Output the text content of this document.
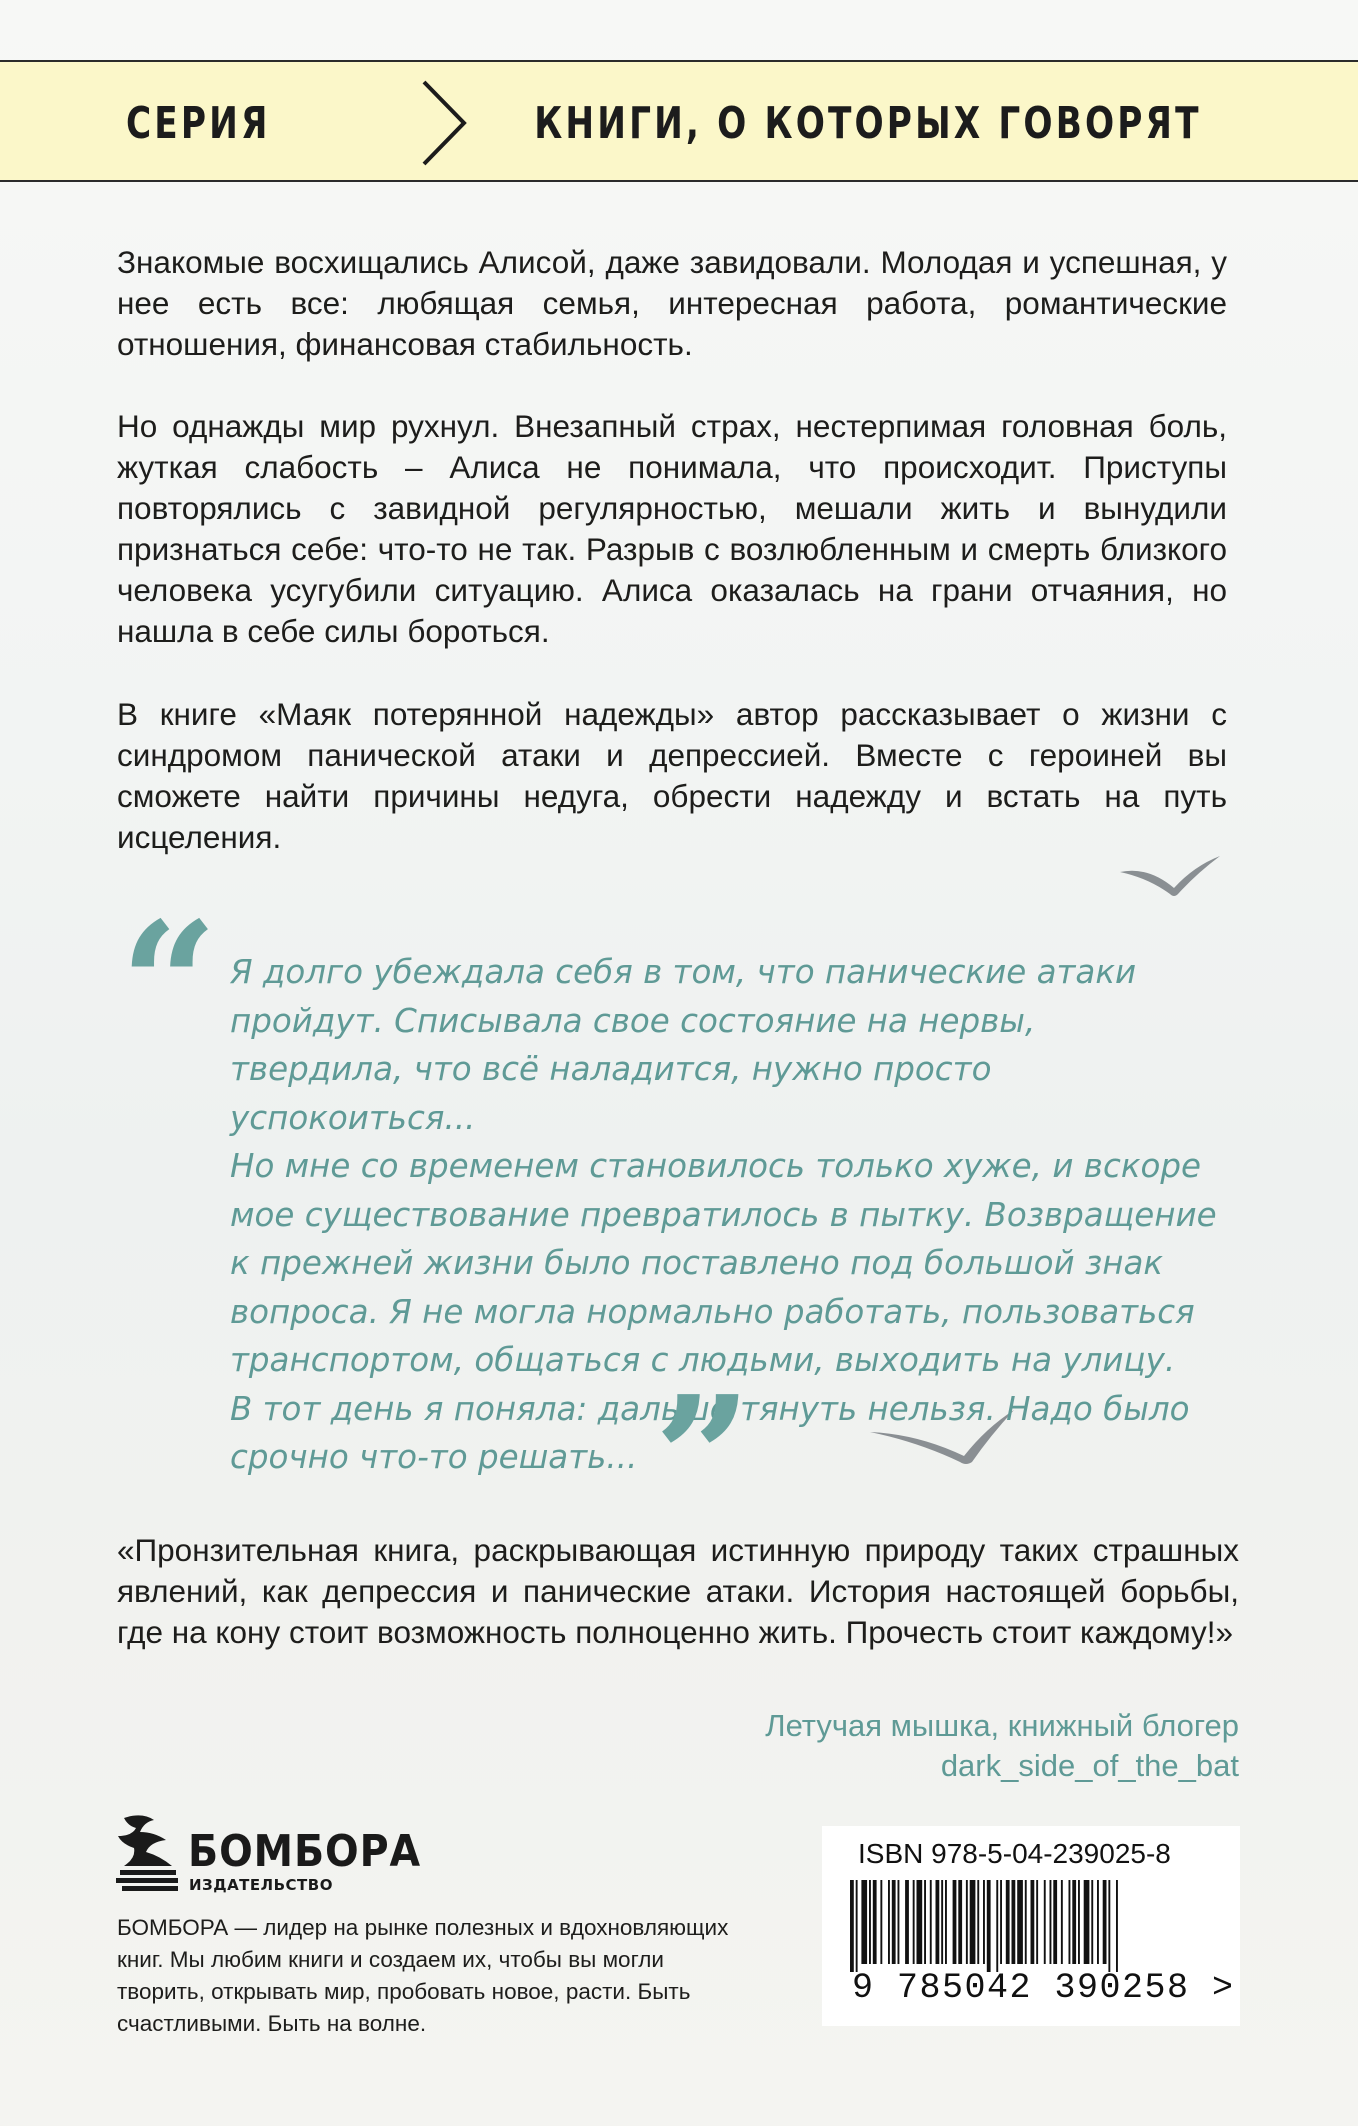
СЕРИЯ	КНИГИ, О КОТОРЫХ ГОВОРЯТ
Знакомые восхищались Алисой, даже завидовали. Молодая и успешная, у нее есть все: любящая семья, интересная работа, романтические отношения, финансовая стабильность.
Но однажды мир рухнул. Внезапный страх, нестерпимая головная боль, жуткая слабость – Алиса не понимала, что происходит. Приступы повторялись с завидной регулярностью, мешали жить и вынудили признаться себе: что-то не так. Разрыв с возлюбленным и смерть близкого человека усугубили ситуацию. Алиса оказалась на грани отчаяния, но нашла в себе силы бороться.
В книге «Маяк потерянной надежды» автор рассказывает о жизни с синдромом панической атаки и депрессией. Вместе с героиней вы сможете найти причины недуга, обрести надежду и встать на путь исцеления.
“ Я долго убеждала себя в том, что панические атаки
пройдут. Списывала свое состояние на нервы,
твердила, что всё наладится, нужно просто успокоиться...
Но мне со временем становилось только хуже, и вскоре
мое существование превратилось в пытку. Возвращение
к прежней жизни было поставлено под большой знак
вопроса. Я не могла нормально работать, пользоваться
транспортом, общаться с людьми, выходить на улицу.
В тот день я поняла: дальше тянуть нельзя. Надо было
срочно что-то решать... ”
«Пронзительная книга, раскрывающая истинную природу таких страшных явлений, как депрессия и панические атаки. История настоящей борьбы, где на кону стоит возможность полноценно жить. Прочесть стоит каждому!»
Летучая мышка, книжный блогер
dark_side_of_the_bat
БОМБОРА
ИЗДАТЕЛЬСТВО
БОМБОРА — лидер на рынке полезных и вдохновляющих книг. Мы любим книги и создаем их, чтобы вы могли творить, открывать мир, пробовать новое, расти. Быть счастливыми. Быть на волне.
ISBN 978-5-04-239025-8
9 785042 390258 >
